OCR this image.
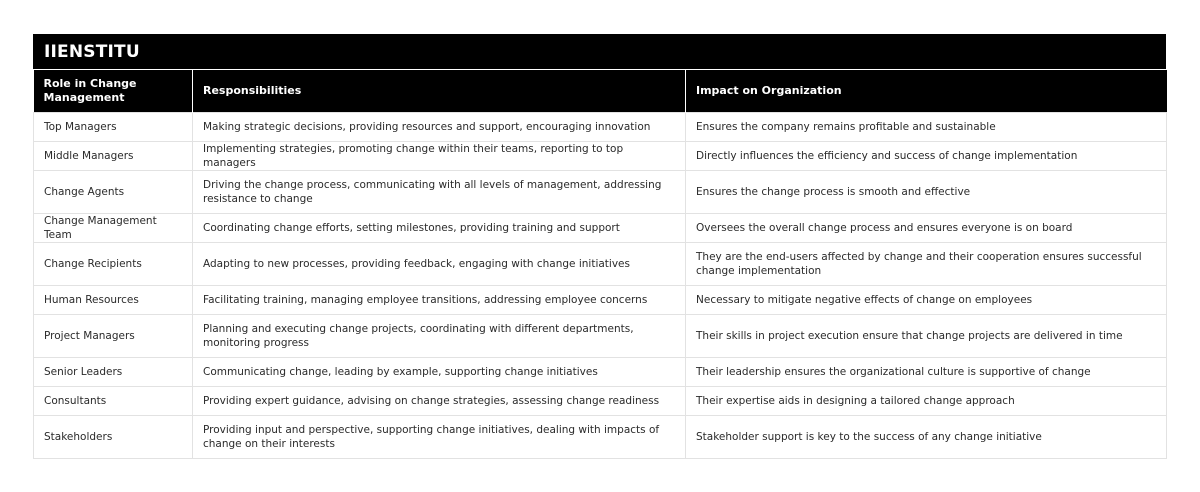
IIENSTITU
Role in Change Management	Responsibilities	Impact on Organization
Top Managers	Making strategic decisions, providing resources and support, encouraging innovation	Ensures the company remains profitable and sustainable
Middle Managers	Implementing strategies, promoting change within their teams, reporting to top managers	Directly influences the efficiency and success of change implementation
Change Agents	Driving the change process, communicating with all levels of management, addressing resistance to change	Ensures the change process is smooth and effective
Change Management Team	Coordinating change efforts, setting milestones, providing training and support	Oversees the overall change process and ensures everyone is on board
Change Recipients	Adapting to new processes, providing feedback, engaging with change initiatives	They are the end-users affected by change and their cooperation ensures successful change implementation
Human Resources	Facilitating training, managing employee transitions, addressing employee concerns	Necessary to mitigate negative effects of change on employees
Project Managers	Planning and executing change projects, coordinating with different departments, monitoring progress	Their skills in project execution ensure that change projects are delivered in time
Senior Leaders	Communicating change, leading by example, supporting change initiatives	Their leadership ensures the organizational culture is supportive of change
Consultants	Providing expert guidance, advising on change strategies, assessing change readiness	Their expertise aids in designing a tailored change approach
Stakeholders	Providing input and perspective, supporting change initiatives, dealing with impacts of change on their interests	Stakeholder support is key to the success of any change initiative
